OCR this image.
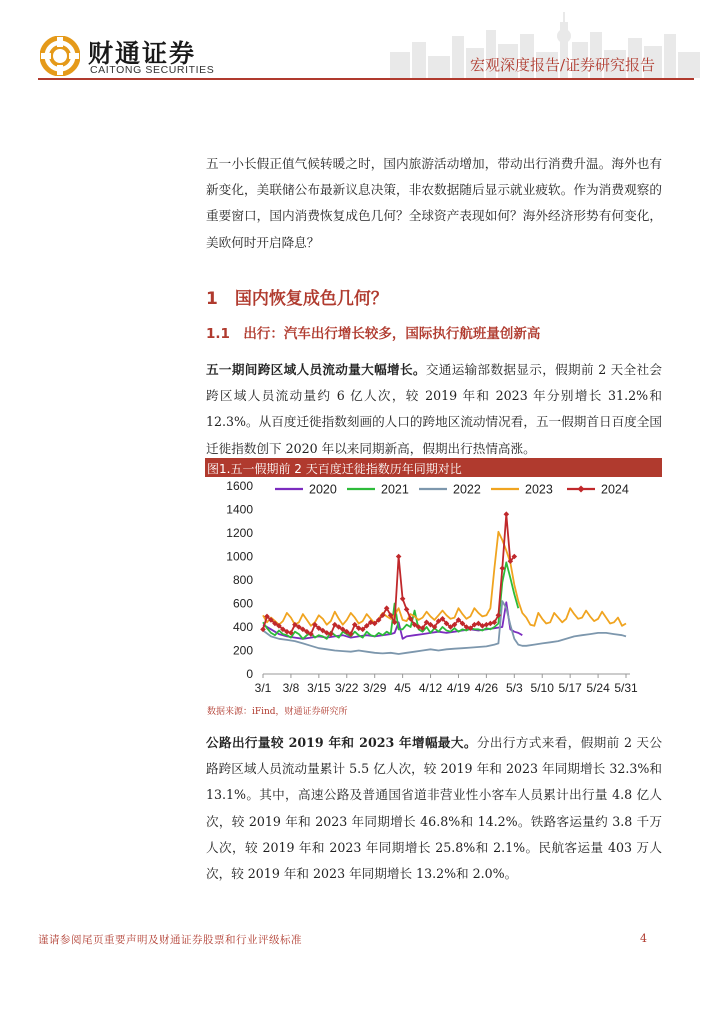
财通证券
CAITONG SECURITIES	宏观深度报告/证券研究报告

五一小长假正值气候转暖之时，国内旅游活动增加，带动出行消费升温。海外也有新变化，美联储公布最新议息决策，非农数据随后显示就业疲软。作为消费观察的重要窗口，国内消费恢复成色几何？全球资产表现如何？海外经济形势有何变化，美欧何时开启降息？

1　国内恢复成色几何？
1.1　出行：汽车出行增长较多，国际执行航班量创新高

五一期间跨区域人员流动量大幅增长。交通运输部数据显示，假期前 2 天全社会跨区域人员流动量约 6 亿人次，较 2019 年和 2023 年分别增长 31.2%和 12.3%。从百度迁徙指数刻画的人口的跨地区流动情况看，五一假期首日百度全国迁徙指数创下 2020 年以来同期新高，假期出行热情高涨。

图1.五一假期前 2 天百度迁徙指数历年同期对比
0
200
400
600
800
1000
1200
1400
1600
3/1 3/8 3/15 3/22 3/29 4/5 4/12 4/19 4/26 5/3 5/10 5/17 5/24 5/31
2020	2021	2022	2023	2024
数据来源：iFind，财通证券研究所

公路出行量较 2019 年和 2023 年增幅最大。分出行方式来看，假期前 2 天公路跨区域人员流动量累计 5.5 亿人次，较 2019 年和 2023 年同期增长 32.3%和 13.1%。其中，高速公路及普通国省道非营业性小客车人员累计出行量 4.8 亿人次，较 2019 年和 2023 年同期增长 46.8%和 14.2%。铁路客运量约 3.8 千万人次，较 2019 年和 2023 年同期增长 25.8%和 2.1%。民航客运量 403 万人次，较 2019 年和 2023 年同期增长 13.2%和 2.0%。

谨请参阅尾页重要声明及财通证券股票和行业评级标准	4
